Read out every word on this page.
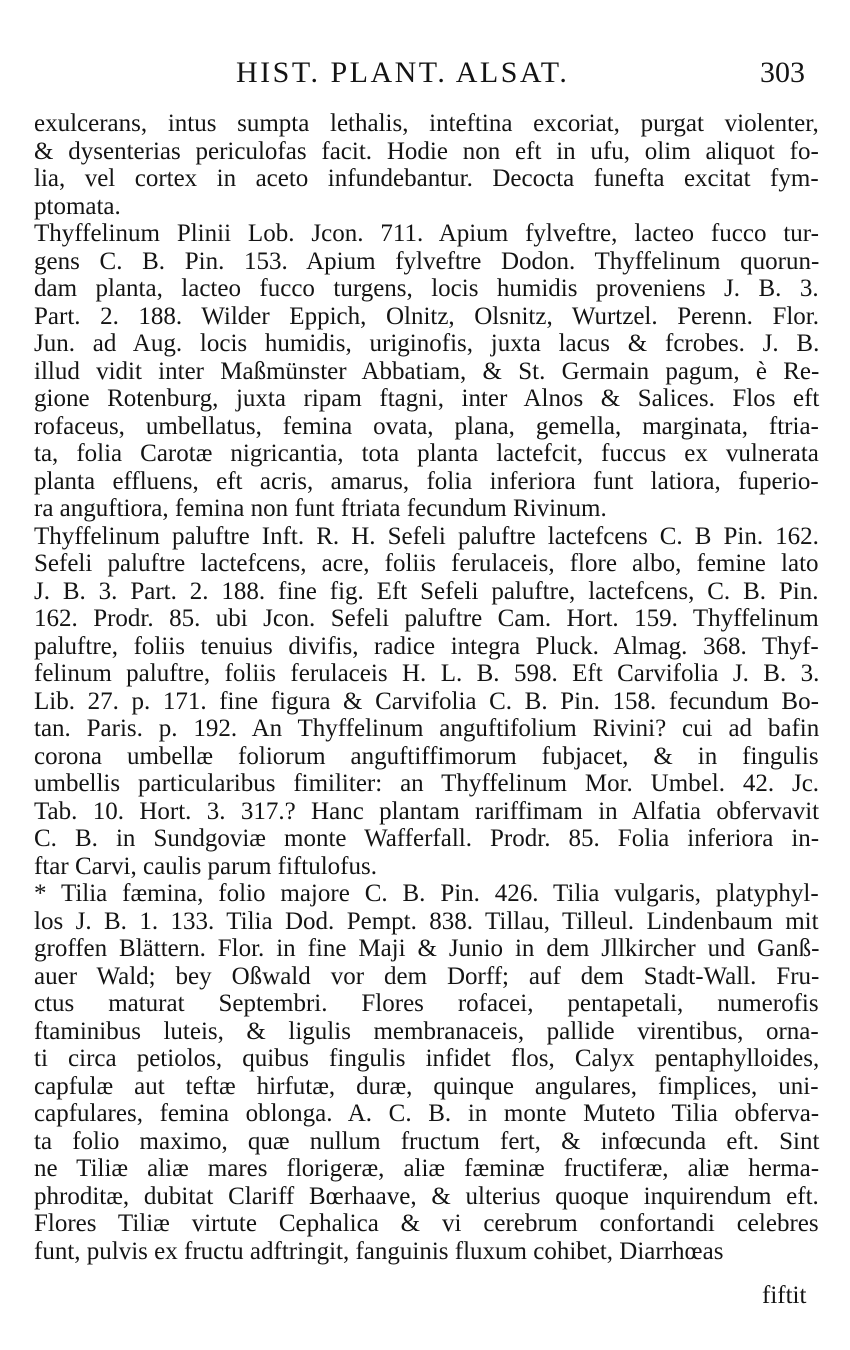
HIST. PLANT. ALSAT.	303
exulcerans, intus sumpta lethalis, inteftina excoriat, purgat violenter,
& dysenterias periculofas facit. Hodie non eft in ufu, olim aliquot fo-
lia, vel cortex in aceto infundebantur. Decocta funefta excitat fym-
ptomata.
Thyffelinum Plinii Lob. Jcon. 711. Apium fylveftre, lacteo fucco tur-
gens C. B. Pin. 153. Apium fylveftre Dodon. Thyffelinum quorun-
dam planta, lacteo fucco turgens, locis humidis proveniens J. B. 3.
Part. 2. 188. Wilder Eppich, Olnitz, Olsnitz, Wurtzel. Perenn. Flor.
Jun. ad Aug. locis humidis, uriginofis, juxta lacus & fcrobes. J. B.
illud vidit inter Maßmünster Abbatiam, & St. Germain pagum, è Re-
gione Rotenburg, juxta ripam ftagni, inter Alnos & Salices. Flos eft
rofaceus, umbellatus, femina ovata, plana, gemella, marginata, ftria-
ta, folia Carotæ nigricantia, tota planta lactefcit, fuccus ex vulnerata
planta effluens, eft acris, amarus, folia inferiora funt latiora, fuperio-
ra anguftiora, femina non funt ftriata fecundum Rivinum.
Thyffelinum paluftre Inft. R. H. Sefeli paluftre lactefcens C. B Pin. 162.
Sefeli paluftre lactefcens, acre, foliis ferulaceis, flore albo, femine lato
J. B. 3. Part. 2. 188. fine fig. Eft Sefeli paluftre, lactefcens, C. B. Pin.
162. Prodr. 85. ubi Jcon. Sefeli paluftre Cam. Hort. 159. Thyffelinum
paluftre, foliis tenuius divifis, radice integra Pluck. Almag. 368. Thyf-
felinum paluftre, foliis ferulaceis H. L. B. 598. Eft Carvifolia J. B. 3.
Lib. 27. p. 171. fine figura & Carvifolia C. B. Pin. 158. fecundum Bo-
tan. Paris. p. 192. An Thyffelinum anguftifolium Rivini? cui ad bafin
corona umbellæ foliorum anguftiffimorum fubjacet, & in fingulis
umbellis particularibus fimiliter: an Thyffelinum Mor. Umbel. 42. Jc.
Tab. 10. Hort. 3. 317.? Hanc plantam rariffimam in Alfatia obfervavit
C. B. in Sundgoviæ monte Wafferfall. Prodr. 85. Folia inferiora in-
ftar Carvi, caulis parum fiftulofus.
* Tilia fæmina, folio majore C. B. Pin. 426. Tilia vulgaris, platyphyl-
los J. B. 1. 133. Tilia Dod. Pempt. 838. Tillau, Tilleul. Lindenbaum mit
groffen Blättern. Flor. in fine Maji & Junio in dem Jllkircher und Ganß-
auer Wald; bey Oßwald vor dem Dorff; auf dem Stadt-Wall. Fru-
ctus maturat Septembri. Flores rofacei, pentapetali, numerofis
ftaminibus luteis, & ligulis membranaceis, pallide virentibus, orna-
ti circa petiolos, quibus fingulis infidet flos, Calyx pentaphylloides,
capfulæ aut teftæ hirfutæ, duræ, quinque angulares, fimplices, uni-
capfulares, femina oblonga. A. C. B. in monte Muteto Tilia obferva-
ta folio maximo, quæ nullum fructum fert, & infœcunda eft. Sint
ne Tiliæ aliæ mares florigeræ, aliæ fæminæ fructiferæ, aliæ herma-
phroditæ, dubitat Clariff Bœrhaave, & ulterius quoque inquirendum eft.
Flores Tiliæ virtute Cephalica & vi cerebrum confortandi celebres
funt, pulvis ex fructu adftringit, fanguinis fluxum cohibet, Diarrhœas
fiftit
